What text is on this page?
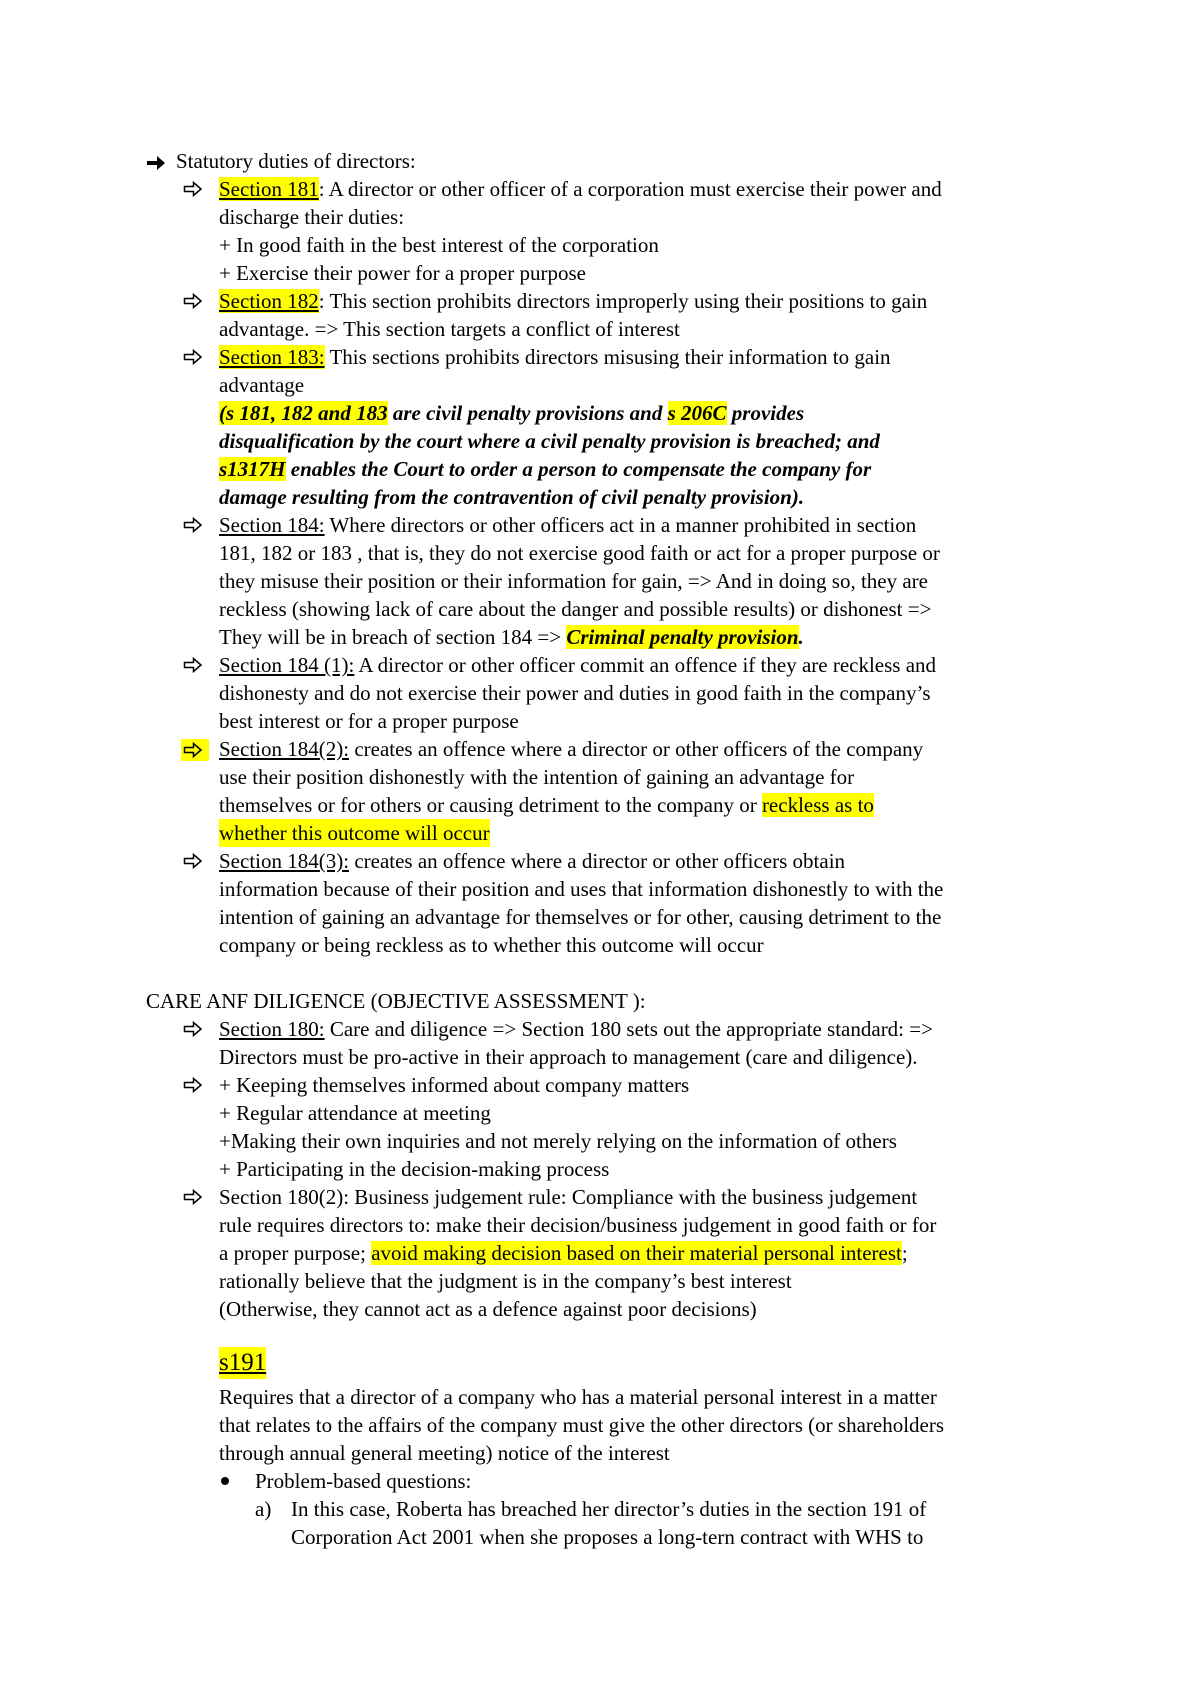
Statutory duties of directors:
Section 181: A director or other officer of a corporation must exercise their power and
discharge their duties:
+ In good faith in the best interest of the corporation
+ Exercise their power for a proper purpose
Section 182: This section prohibits directors improperly using their positions to gain
advantage. => This section targets a conflict of interest
Section 183: This sections prohibits directors misusing their information to gain
advantage
(s 181, 182 and 183 are civil penalty provisions and s 206C provides
disqualification by the court where a civil penalty provision is breached; and
s1317H enables the Court to order a person to compensate the company for
damage resulting from the contravention of civil penalty provision).
Section 184: Where directors or other officers act in a manner prohibited in section
181, 182 or 183 , that is, they do not exercise good faith or act for a proper purpose or
they misuse their position or their information for gain, => And in doing so, they are
reckless (showing lack of care about the danger and possible results) or dishonest =>
They will be in breach of section 184 => Criminal penalty provision.
Section 184 (1): A director or other officer commit an offence if they are reckless and
dishonesty and do not exercise their power and duties in good faith in the company’s
best interest or for a proper purpose
Section 184(2): creates an offence where a director or other officers of the company
use their position dishonestly with the intention of gaining an advantage for
themselves or for others or causing detriment to the company or reckless as to
whether this outcome will occur
Section 184(3): creates an offence where a director or other officers obtain
information because of their position and uses that information dishonestly to with the
intention of gaining an advantage for themselves or for other, causing detriment to the
company or being reckless as to whether this outcome will occur
CARE ANF DILIGENCE (OBJECTIVE ASSESSMENT ):
Section 180: Care and diligence => Section 180 sets out the appropriate standard: =>
Directors must be pro-active in their approach to management (care and diligence).
+ Keeping themselves informed about company matters
+ Regular attendance at meeting
+Making their own inquiries and not merely relying on the information of others
+ Participating in the decision-making process
Section 180(2): Business judgement rule: Compliance with the business judgement
rule requires directors to: make their decision/business judgement in good faith or for
a proper purpose; avoid making decision based on their material personal interest;
rationally believe that the judgment is in the company’s best interest
(Otherwise, they cannot act as a defence against poor decisions)
s191
Requires that a director of a company who has a material personal interest in a matter
that relates to the affairs of the company must give the other directors (or shareholders
through annual general meeting) notice of the interest
Problem-based questions:
a) In this case, Roberta has breached her director’s duties in the section 191 of
Corporation Act 2001 when she proposes a long-tern contract with WHS to
